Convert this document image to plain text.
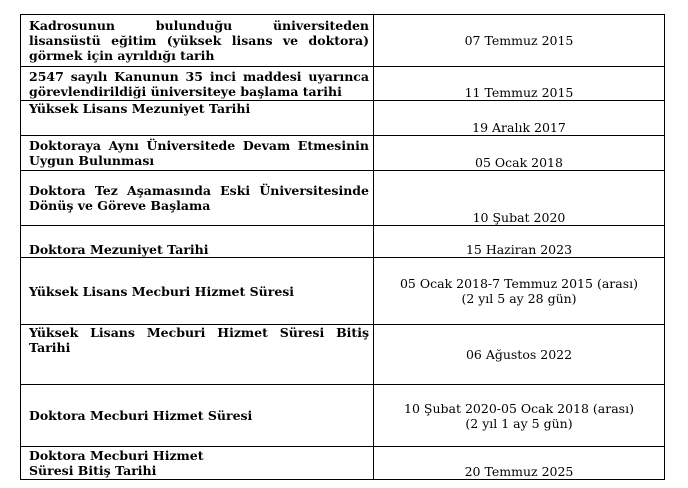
Kadrosunun bulunduğu üniversiteden lisansüstü eğitim (yüksek lisans ve doktora) görmek için ayrıldığı tarih	07 Temmuz 2015
2547 sayılı Kanunun 35 inci maddesi uyarınca görevlendirildiği üniversiteye başlama tarihi	11 Temmuz 2015
Yüksek Lisans Mezuniyet Tarihi	19 Aralık 2017
Doktoraya Aynı Üniversitede Devam Etmesinin Uygun Bulunması	05 Ocak 2018
Doktora Tez Aşamasında Eski Üniversitesinde Dönüş ve Göreve Başlama	10 Şubat 2020
Doktora Mezuniyet Tarihi	15 Haziran 2023
Yüksek Lisans Mecburi Hizmet Süresi	05 Ocak 2018-7 Temmuz 2015 (arası)
(2 yıl 5 ay 28 gün)

Yüksek Lisans Mecburi Hizmet Süresi Bitiş Tarihi	06 Ağustos 2022
Doktora Mecburi Hizmet Süresi	10 Şubat 2020-05 Ocak 2018 (arası)
(2 yıl 1 ay 5 gün)

Doktora Mecburi Hizmet
Süresi Bitiş Tarihi	20 Temmuz 2025
